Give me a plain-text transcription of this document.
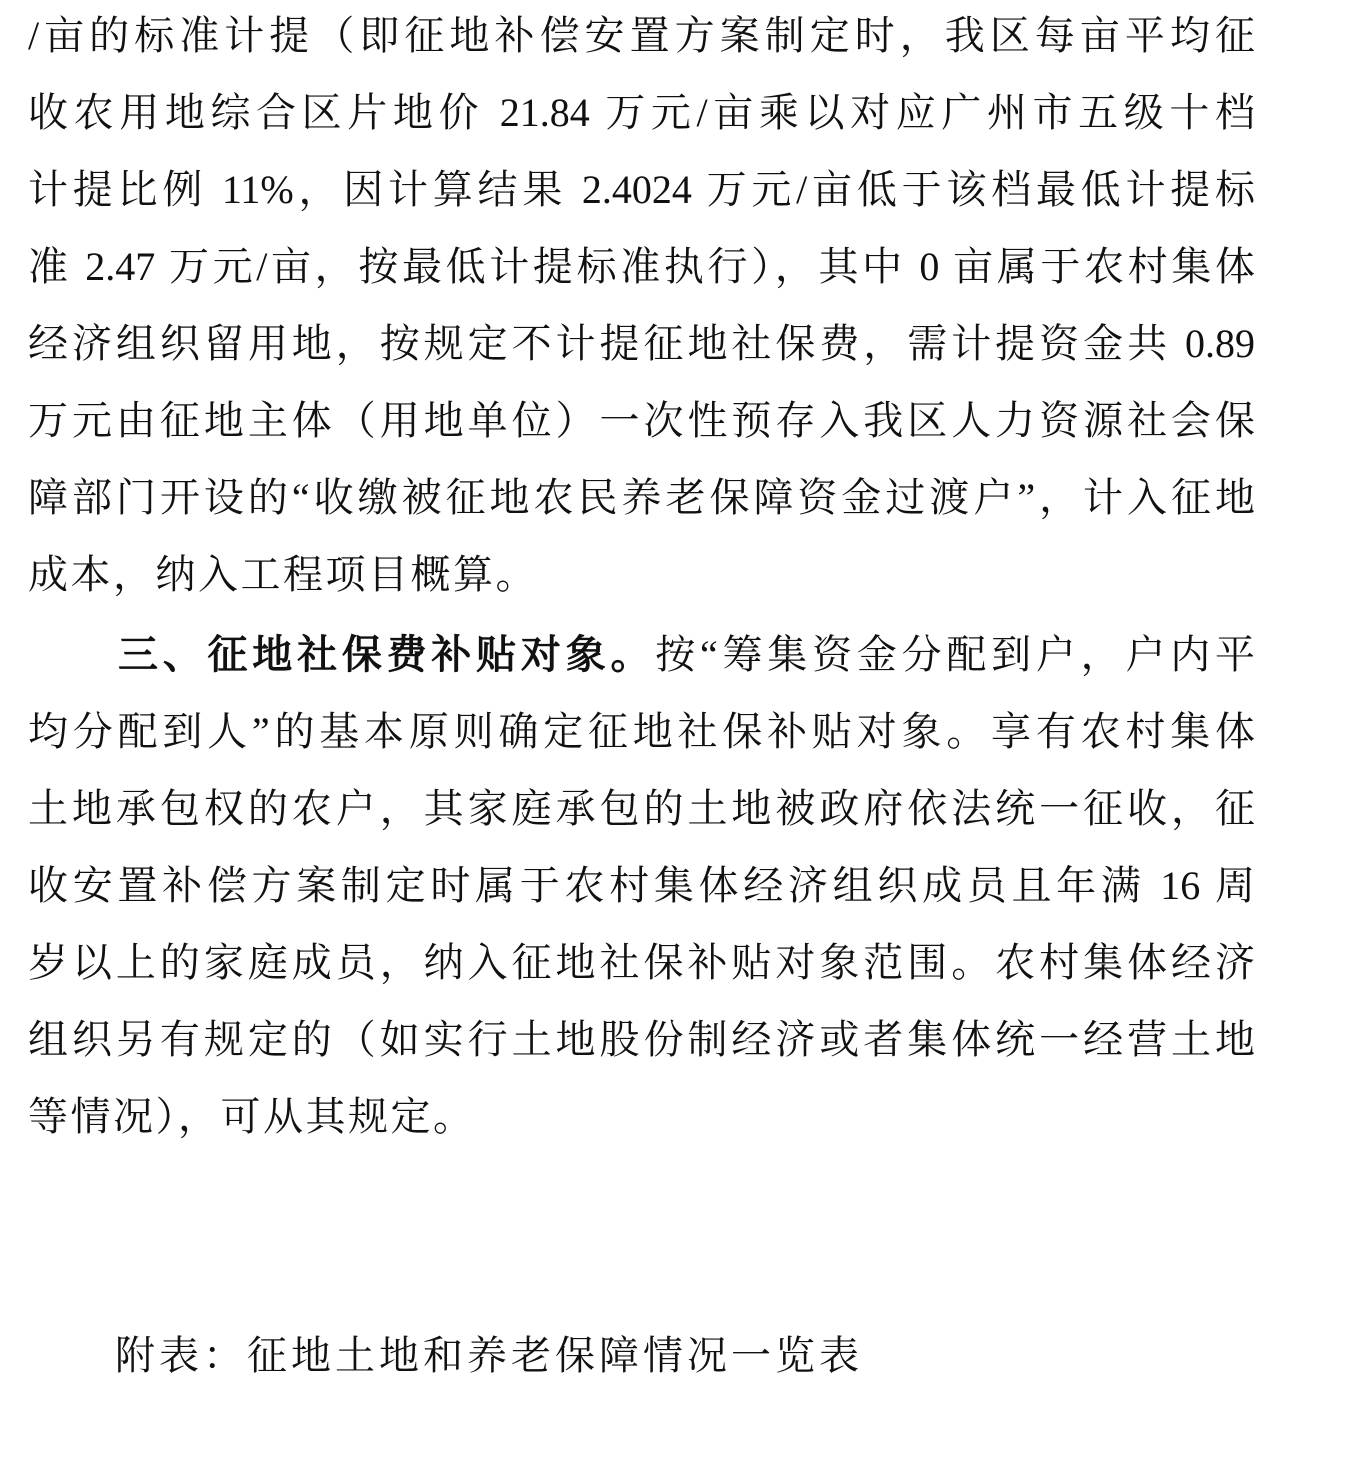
/亩的标准计提（即征地补偿安置方案制定时，我区每亩平均征
收农用地综合区片地价 21.84 万元/亩乘以对应广州市五级十档
计提比例 11%，因计算结果 2.4024 万元/亩低于该档最低计提标
准 2.47 万元/亩，按最低计提标准执行），其中 0 亩属于农村集体
经济组织留用地，按规定不计提征地社保费，需计提资金共 0.89
万元由征地主体（用地单位）一次性预存入我区人力资源社会保
障部门开设的“收缴被征地农民养老保障资金过渡户”，计入征地
成本，纳入工程项目概算。
三、征地社保费补贴对象。按“筹集资金分配到户，户内平
均分配到人”的基本原则确定征地社保补贴对象。享有农村集体
土地承包权的农户，其家庭承包的土地被政府依法统一征收，征
收安置补偿方案制定时属于农村集体经济组织成员且年满 16 周
岁以上的家庭成员，纳入征地社保补贴对象范围。农村集体经济
组织另有规定的（如实行土地股份制经济或者集体统一经营土地
等情况），可从其规定。
附表：征地土地和养老保障情况一览表
